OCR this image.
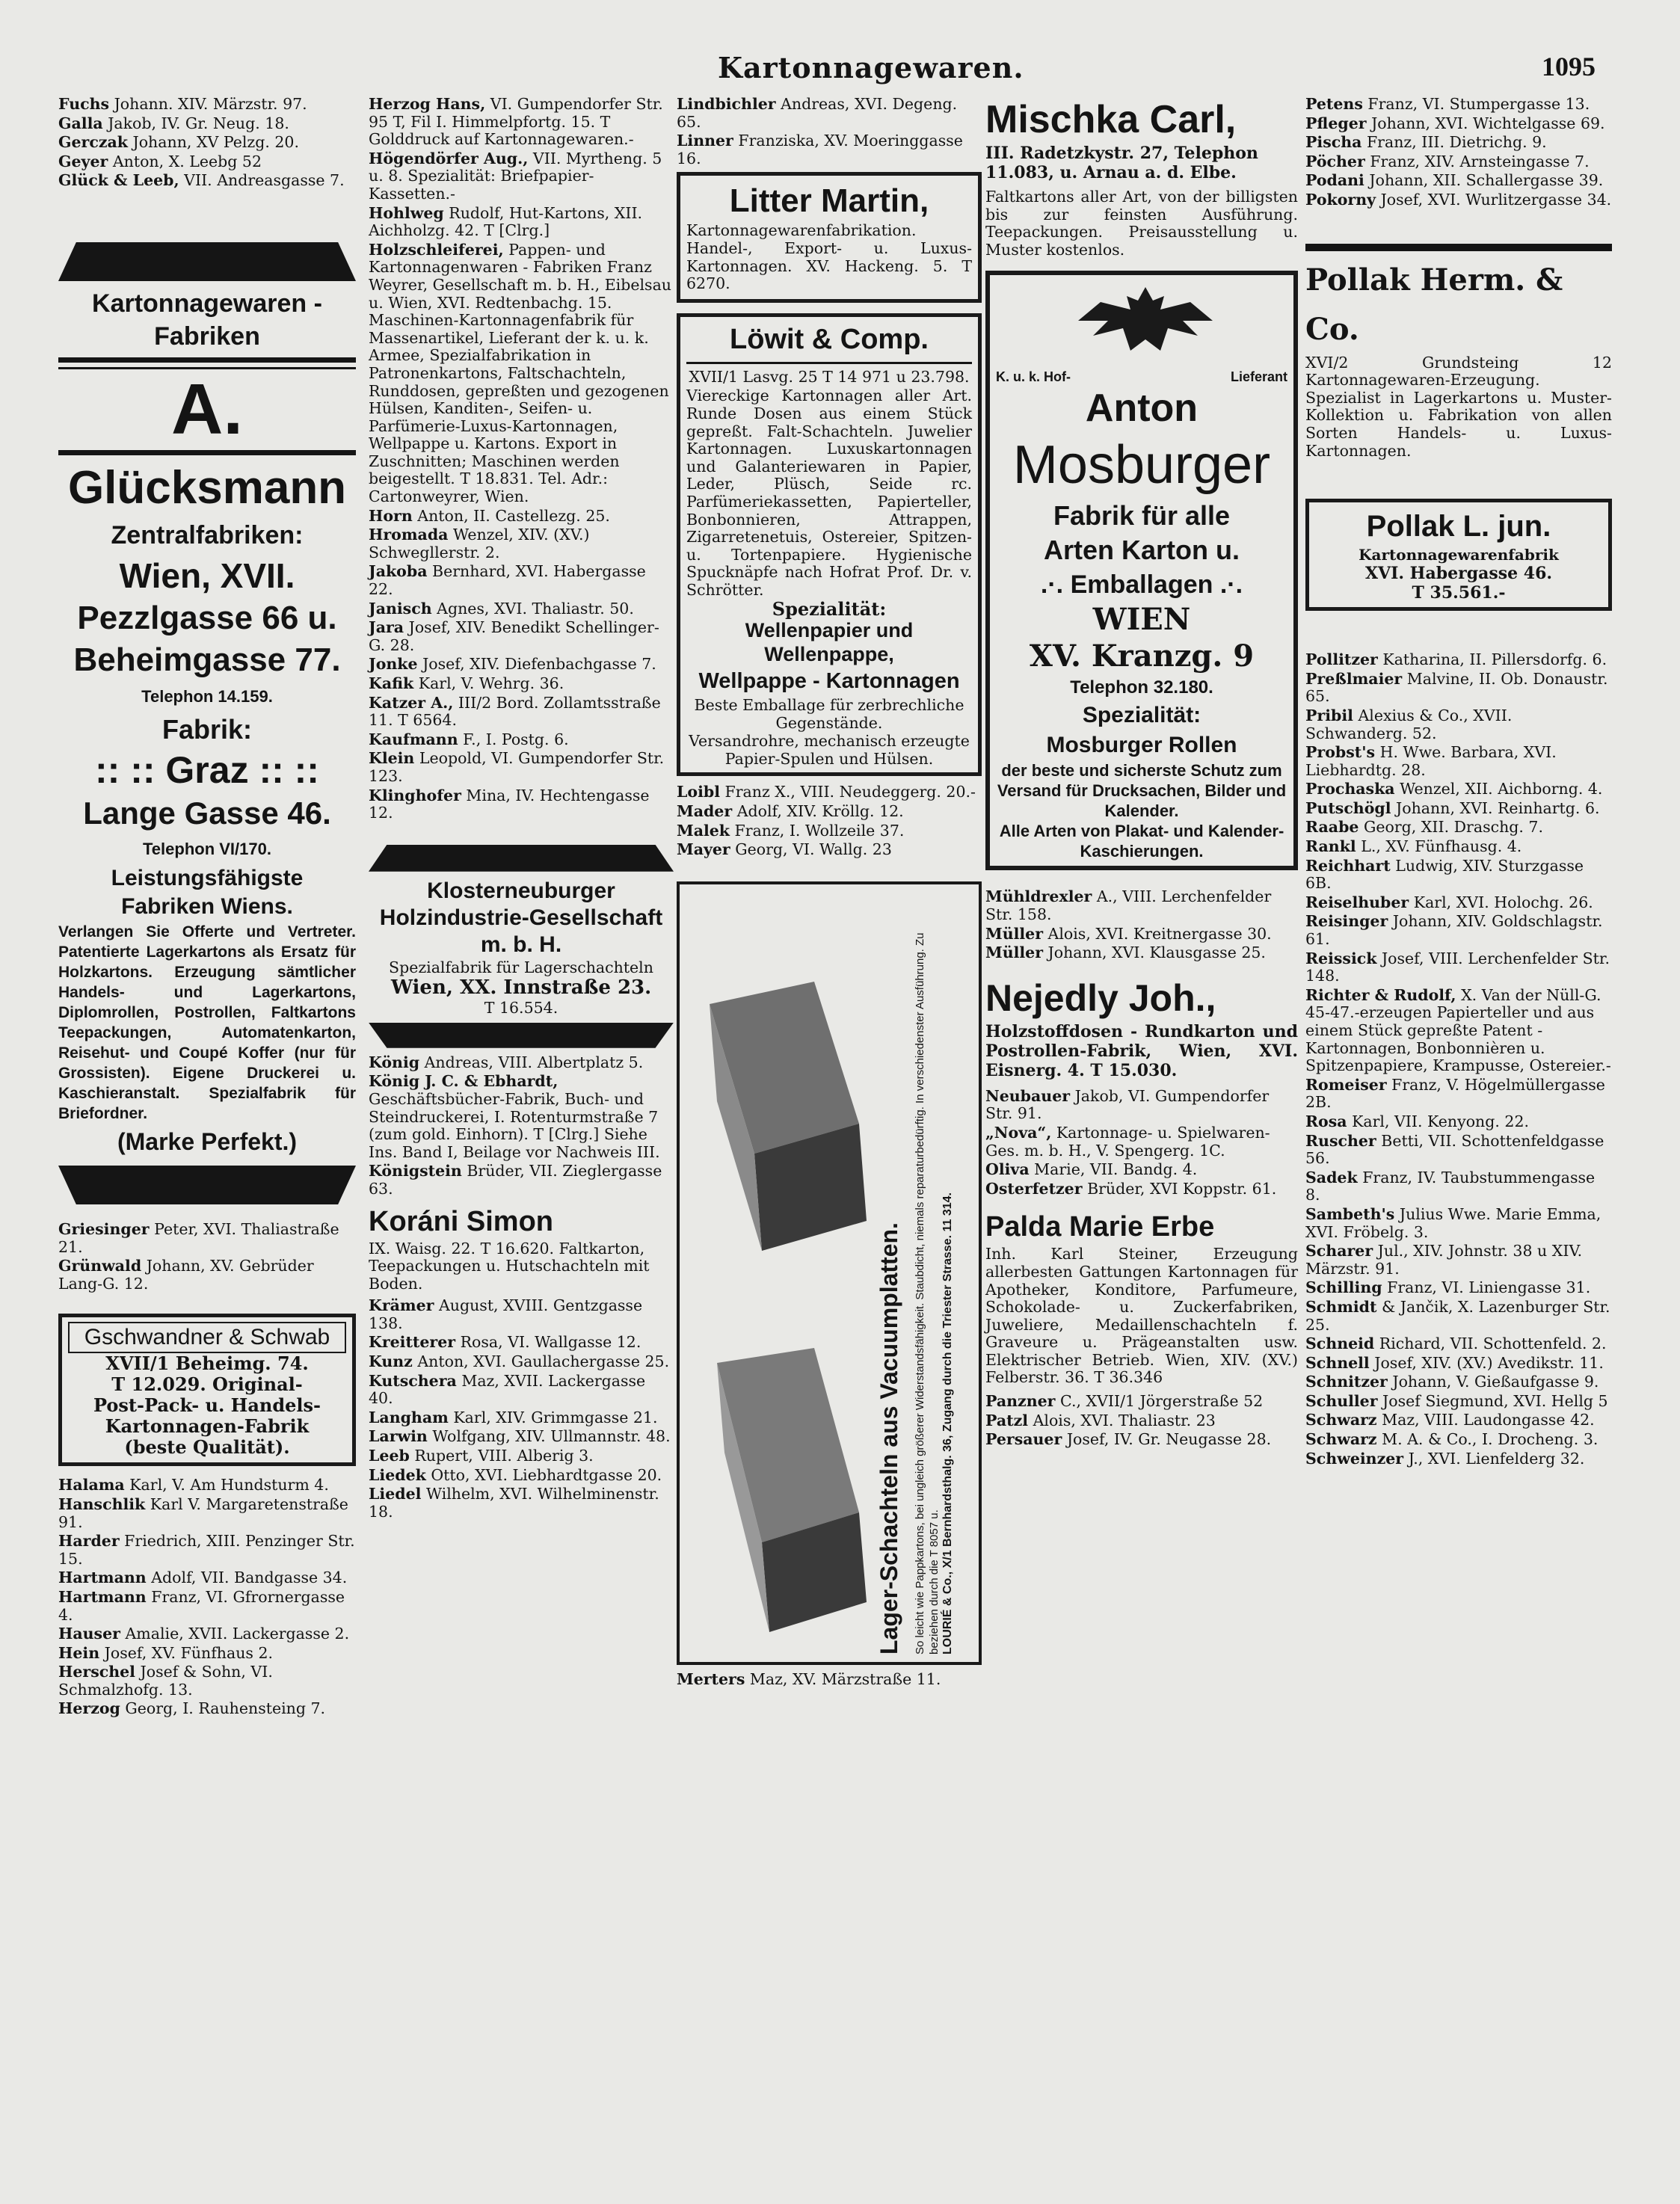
Kartonnagewaren.	1095

Fuchs Johann. XIV. Märzstr. 97.

Galla Jakob, IV. Gr. Neug. 18.

Gerczak Johann, XV Pelzg. 20.

Geyer Anton, X. Leebg 52

Glück & Leeb, VII. Andreasgasse 7.

Kartonnagewaren - Fabriken
A.
Glücksmann
Zentralfabriken:
Wien, XVII.
Pezzlgasse 66 u.
Beheimgasse 77.
Telephon 14.159.
Fabrik:
:: :: Graz :: ::
Lange Gasse 46.
Telephon VI/170.
Leistungsfähigste
Fabriken Wiens.
Verlangen Sie Offerte und Vertreter. Patentierte Lagerkartons als Ersatz für Holzkartons. Erzeugung sämtlicher Handels- und Lagerkartons, Diplomrollen, Postrollen, Faltkartons Teepackungen, Automatenkarton, Reisehut- und Coupé Koffer (nur für Grossisten). Eigene Druckerei u. Kaschieranstalt. Spezialfabrik für Briefordner.
(Marke Perfekt.)

Griesinger Peter, XVI. Thaliastraße 21.

Grünwald Johann, XV. Gebrüder Lang-G. 12.

Gschwandner & Schwab
XVII/1 Beheimg. 74.
T 12.029. Original-
Post-Pack- u. Handels-
Kartonnagen-Fabrik
(beste Qualität).

Halama Karl, V. Am Hundsturm 4.

Hanschlik Karl V. Margaretenstraße 91.

Harder Friedrich, XIII. Penzinger Str. 15.

Hartmann Adolf, VII. Bandgasse 34.

Hartmann Franz, VI. Gfrornergasse 4.

Hauser Amalie, XVII. Lackergasse 2.

Hein Josef, XV. Fünfhaus 2.

Herschel Josef & Sohn, VI. Schmalzhofg. 13.

Herzog Georg, I. Rauhensteing 7.

Herzog Hans, VI. Gumpendorfer Str. 95 T, Fil I. Himmelpfortg. 15. T Golddruck auf Kartonnagewaren.-

Högendörfer Aug., VII. Myrtheng. 5 u. 8. Spezialität: Briefpapier-Kassetten.-

Hohlweg Rudolf, Hut-Kartons, XII. Aichholzg. 42. T [Clrg.]

Holzschleiferei, Pappen- und Kartonnagenwaren - Fabriken Franz Weyrer, Gesellschaft m. b. H., Eibelsau u. Wien, XVI. Redtenbachg. 15. Maschinen-Kartonnagenfabrik für Massenartikel, Lieferant der k. u. k. Armee, Spezialfabrikation in Patronenkartons, Faltschachteln, Runddosen, gepreßten und gezogenen Hülsen, Kanditen-, Seifen- u. Parfümerie-Luxus-Kartonnagen, Wellpappe u. Kartons. Export in Zuschnitten; Maschinen werden beigestellt. T 18.831. Tel. Adr.: Cartonweyrer, Wien.

Horn Anton, II. Castellezg. 25.

Hromada Wenzel, XIV. (XV.) Schwegllerstr. 2.

Jakoba Bernhard, XVI. Habergasse 22.

Janisch Agnes, XVI. Thaliastr. 50.

Jara Josef, XIV. Benedikt Schellinger-G. 28.

Jonke Josef, XIV. Diefenbachgasse 7.

Kafik Karl, V. Wehrg. 36.

Katzer A., III/2 Bord. Zollamtsstraße 11. T 6564.

Kaufmann F., I. Postg. 6.

Klein Leopold, VI. Gumpendorfer Str. 123.

Klinghofer Mina, IV. Hechtengasse 12.

Klosterneuburger
Holzindustrie-Gesellschaft m. b. H.
Spezialfabrik für Lagerschachteln
Wien, XX. Innstraße 23.
T 16.554.

König Andreas, VIII. Albertplatz 5.

König J. C. & Ebhardt, Geschäftsbücher-Fabrik, Buch- und Steindruckerei, I. Rotenturmstraße 7 (zum gold. Einhorn). T [Clrg.] Siehe Ins. Band I, Beilage vor Nachweis III.

Königstein Brüder, VII. Zieglergasse 63.

Koráni Simon

IX. Waisg. 22. T 16.620. Faltkarton, Teepackungen u. Hutschachteln mit Boden.

Krämer August, XVIII. Gentzgasse 138.

Kreitterer Rosa, VI. Wallgasse 12.

Kunz Anton, XVI. Gaullachergasse 25.

Kutschera Maz, XVII. Lackergasse 40.

Langham Karl, XIV. Grimmgasse 21.

Larwin Wolfgang, XIV. Ullmannstr. 48.

Leeb Rupert, VIII. Alberig 3.

Liedek Otto, XVI. Liebhardtgasse 20.

Liedel Wilhelm, XVI. Wilhelminenstr. 18.

Lindbichler Andreas, XVI. Degeng. 65.

Linner Franziska, XV. Moeringgasse 16.

Litter Martin,

Kartonnagewarenfabrikation. Handel-, Export- u. Luxus-Kartonnagen. XV. Hackeng. 5. T 6270.

Löwit & Comp.

XVII/1 Lasvg. 25 T 14 971 u 23.798.

Viereckige Kartonnagen aller Art. Runde Dosen aus einem Stück gepreßt. Falt-Schachteln. Juwelier Kartonnagen. Luxuskartonnagen und Galanteriewaren in Papier, Leder, Plüsch, Seide rc. Parfümeriekassetten, Papierteller, Bonbonnieren, Attrappen, Zigarretenetuis, Ostereier, Spitzen- u. Tortenpapiere. Hygienische Spucknäpfe nach Hofrat Prof. Dr. v. Schrötter.

Spezialität:
Wellenpapier und Wellenpappe,
Wellpappe - Kartonnagen
Beste Emballage für zerbrechliche Gegenstände.
Versandrohre, mechanisch erzeugte Papier-Spulen und Hülsen.

Loibl Franz X., VIII. Neudeggerg. 20.-

Mader Adolf, XIV. Kröllg. 12.

Malek Franz, I. Wollzeile 37.

Mayer Georg, VI. Wallg. 23

Lager-Schachteln aus Vacuumplatten. So leicht wie Pappkartons, bei ungleich größerer Widerstandsfähigkeit. Staubdicht, niemals reparaturbedürftig. In verschiedenster Ausführung. Zu beziehen durch die T 8057 u. LOURIÉ & Co., X/1 Bernhardsthalg. 36, Zugang durch die Triester Strasse. 11 314.

Merters Maz, XV. Märzstraße 11.

Mischka Carl,

III. Radetzkystr. 27, Telephon 11.083, u. Arnau a. d. Elbe.

Faltkartons aller Art, von der billigsten bis zur feinsten Ausführung. Teepackungen. Preisausstellung u. Muster kostenlos.

K. u. k. Hof-	Lieferant
Anton
Mosburger
Fabrik für alle
Arten Karton u.
.·. Emballagen .·.
WIEN
XV. Kranzg. 9
Telephon 32.180.
Spezialität:
Mosburger Rollen
der beste und sicherste Schutz zum Versand für Drucksachen, Bilder und Kalender.
Alle Arten von Plakat- und Kalender-Kaschierungen.

Mühldrexler A., VIII. Lerchenfelder Str. 158.

Müller Alois, XVI. Kreitnergasse 30.

Müller Johann, XVI. Klausgasse 25.

Nejedly Joh.,

Holzstoffdosen - Rundkarton und Postrollen-Fabrik, Wien, XVI. Eisnerg. 4. T 15.030.

Neubauer Jakob, VI. Gumpendorfer Str. 91.

„Nova“, Kartonnage- u. Spielwaren-Ges. m. b. H., V. Spengerg. 1C.

Oliva Marie, VII. Bandg. 4.

Osterfetzer Brüder, XVI Koppstr. 61.

Palda Marie Erbe

Inh. Karl Steiner, Erzeugung allerbesten Gattungen Kartonnagen für Apotheker, Konditore, Parfumeure, Schokolade- u. Zuckerfabriken, Juweliere, Medaillenschachteln f. Graveure u. Prägeanstalten usw. Elektrischer Betrieb. Wien, XIV. (XV.) Felberstr. 36. T 36.346

Panzner C., XVII/1 Jörgerstraße 52

Patzl Alois, XVI. Thaliastr. 23

Persauer Josef, IV. Gr. Neugasse 28.

Petens Franz, VI. Stumpergasse 13.

Pfleger Johann, XVI. Wichtelgasse 69.

Pischa Franz, III. Dietrichg. 9.

Pöcher Franz, XIV. Arnsteingasse 7.

Podani Johann, XII. Schallergasse 39.

Pokorny Josef, XVI. Wurlitzergasse 34.

Pollak Herm. & Co.

XVI/2 Grundsteing 12 Kartonnagewaren-Erzeugung. Spezialist in Lagerkartons u. Muster-Kollektion u. Fabrikation von allen Sorten Handels- u. Luxus-Kartonnagen.

Pollak L. jun.
Kartonnagewarenfabrik
XVI. Habergasse 46.
T 35.561.-

Pollitzer Katharina, II. Pillersdorfg. 6.

Preßlmaier Malvine, II. Ob. Donaustr. 65.

Pribil Alexius & Co., XVII. Schwanderg. 52.

Probst's H. Wwe. Barbara, XVI. Liebhardtg. 28.

Prochaska Wenzel, XII. Aichborng. 4.

Putschögl Johann, XVI. Reinhartg. 6.

Raabe Georg, XII. Draschg. 7.

Rankl L., XV. Fünfhausg. 4.

Reichhart Ludwig, XIV. Sturzgasse 6B.

Reiselhuber Karl, XVI. Holochg. 26.

Reisinger Johann, XIV. Goldschlagstr. 61.

Reissick Josef, VIII. Lerchenfelder Str. 148.

Richter & Rudolf, X. Van der Nüll-G. 45-47.-erzeugen Papierteller und aus einem Stück gepreßte Patent - Kartonnagen, Bonbonnièren u. Spitzenpapiere, Krampusse, Ostereier.-

Romeiser Franz, V. Högelmüllergasse 2B.

Rosa Karl, VII. Kenyong. 22.

Ruscher Betti, VII. Schottenfeldgasse 56.

Sadek Franz, IV. Taubstummengasse 8.

Sambeth's Julius Wwe. Marie Emma, XVI. Fröbelg. 3.

Scharer Jul., XIV. Johnstr. 38 u XIV. Märzstr. 91.

Schilling Franz, VI. Liniengasse 31.

Schmidt & Jančik, X. Lazenburger Str. 25.

Schneid Richard, VII. Schottenfeld. 2.

Schnell Josef, XIV. (XV.) Avedikstr. 11.

Schnitzer Johann, V. Gießaufgasse 9.

Schuller Josef Siegmund, XVI. Hellg 5

Schwarz Maz, VIII. Laudongasse 42.

Schwarz M. A. & Co., I. Drocheng. 3.

Schweinzer J., XVI. Lienfelderg 32.
